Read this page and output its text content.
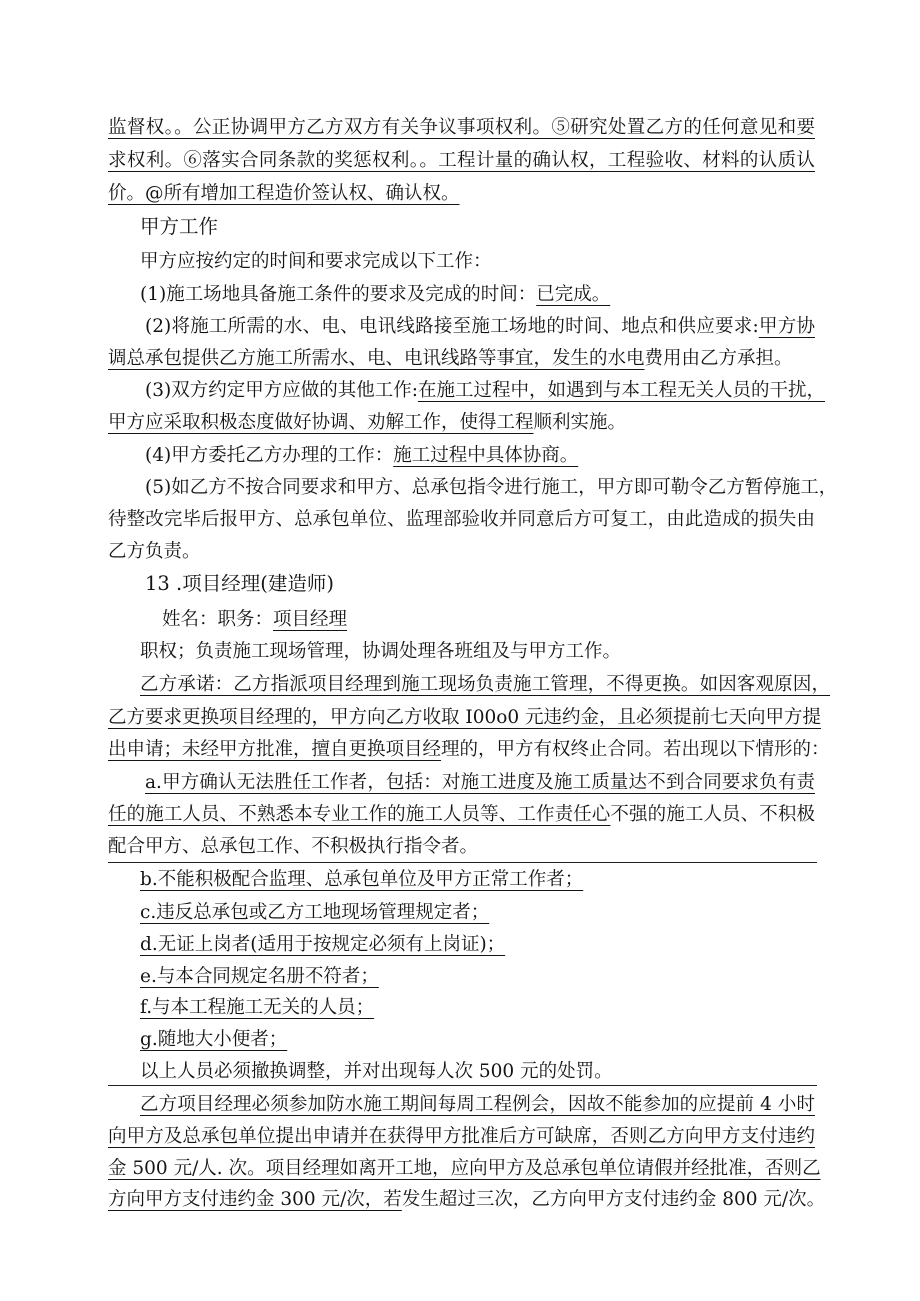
监督权。。公正协调甲方乙方双方有关争议事项权利。⑤研究处置乙方的任何意见和要
求权利。⑥落实合同条款的奖惩权利。。工程计量的确认权，工程验收、材料的认质认
价。@所有增加工程造价签认权、确认权。
甲方工作
甲方应按约定的时间和要求完成以下工作：
(1)施工场地具备施工条件的要求及完成的时间：已完成。
(2)将施工所需的水、电、电讯线路接至施工场地的时间、地点和供应要求:甲方协
调总承包提供乙方施工所需水、电、电讯线路等事宜，发生的水电费用由乙方承担。
(3)双方约定甲方应做的其他工作:在施工过程中，如遇到与本工程无关人员的干扰，
甲方应采取积极态度做好协调、劝解工作，使得工程顺利实施。
(4)甲方委托乙方办理的工作：施工过程中具体协商。
(5)如乙方不按合同要求和甲方、总承包指令进行施工，甲方即可勒令乙方暂停施工，
待整改完毕后报甲方、总承包单位、监理部验收并同意后方可复工，由此造成的损失由
乙方负责。
13 .项目经理(建造师)
姓名：职务：项目经理
职权；负责施工现场管理，协调处理各班组及与甲方工作。
乙方承诺：乙方指派项目经理到施工现场负责施工管理，不得更换。如因客观原因，
乙方要求更换项目经理的，甲方向乙方收取 I00o0 元违约金，且必须提前七天向甲方提
出申请；未经甲方批准，擅自更换项目经理的，甲方有权终止合同。若出现以下情形的：
a.甲方确认无法胜任工作者，包括：对施工进度及施工质量达不到合同要求负有责
任的施工人员、不熟悉本专业工作的施工人员等、工作责任心不强的施工人员、不积极
配合甲方、总承包工作、不积极执行指令者。
b.不能积极配合监理、总承包单位及甲方正常工作者；
c.违反总承包或乙方工地现场管理规定者；
d.无证上岗者(适用于按规定必须有上岗证)；
e.与本合同规定名册不符者；
f.与本工程施工无关的人员；
g.随地大小便者；
以上人员必须撤换调整，并对出现每人次 500 元的处罚。
乙方项目经理必须参加防水施工期间每周工程例会，因故不能参加的应提前 4 小时
向甲方及总承包单位提出申请并在获得甲方批准后方可缺席，否则乙方向甲方支付违约
金 500 元/人. 次。项目经理如离开工地，应向甲方及总承包单位请假并经批准，否则乙
方向甲方支付违约金 300 元/次，若发生超过三次，乙方向甲方支付违约金 800 元/次。
